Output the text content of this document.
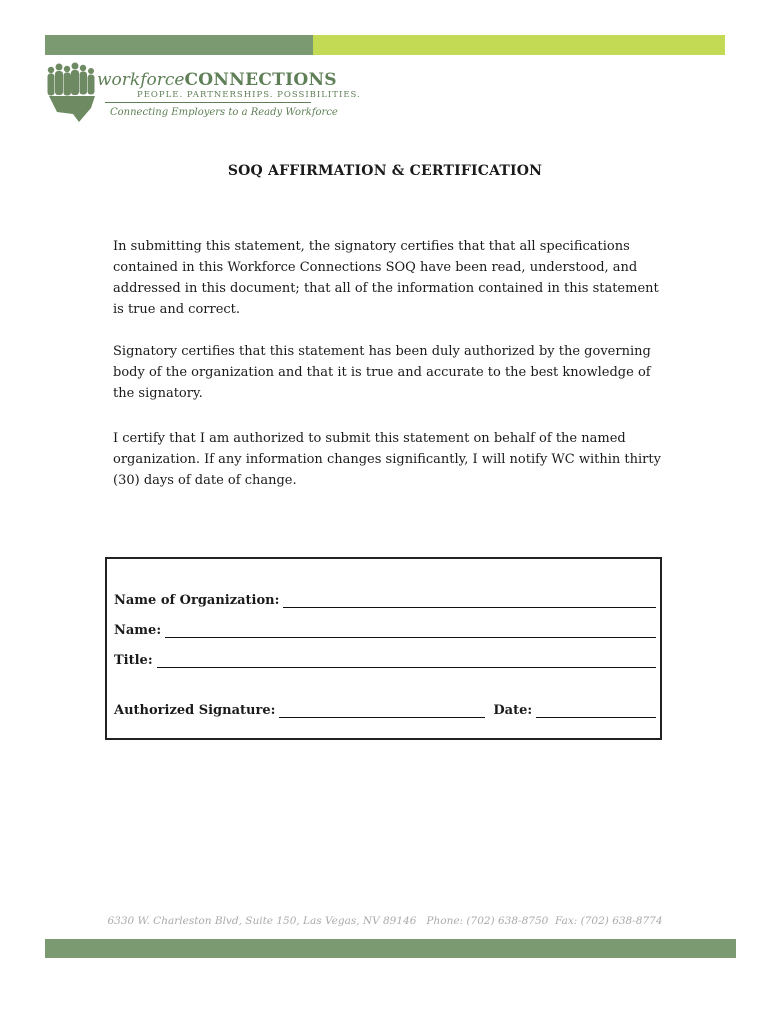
workforceCONNECTIONS
PEOPLE. PARTNERSHIPS. POSSIBILITIES.
Connecting Employers to a Ready Workforce
SOQ AFFIRMATION & CERTIFICATION

In submitting this statement, the signatory certifies that that all specifications contained in this Workforce Connections SOQ have been read, understood, and addressed in this document; that all of the information contained in this statement is true and correct.

Signatory certifies that this statement has been duly authorized by the governing body of the organization and that it is true and accurate to the best knowledge of the signatory.

I certify that I am authorized to submit this statement on behalf of the named organization. If any information changes significantly, I will notify WC within thirty (30) days of date of change.

Name of Organization:
Name:
Title:
Authorized Signature:	Date:
6330 W. Charleston Blvd, Suite 150, Las Vegas, NV 89146 Phone: (702) 638-8750 Fax: (702) 638-8774
